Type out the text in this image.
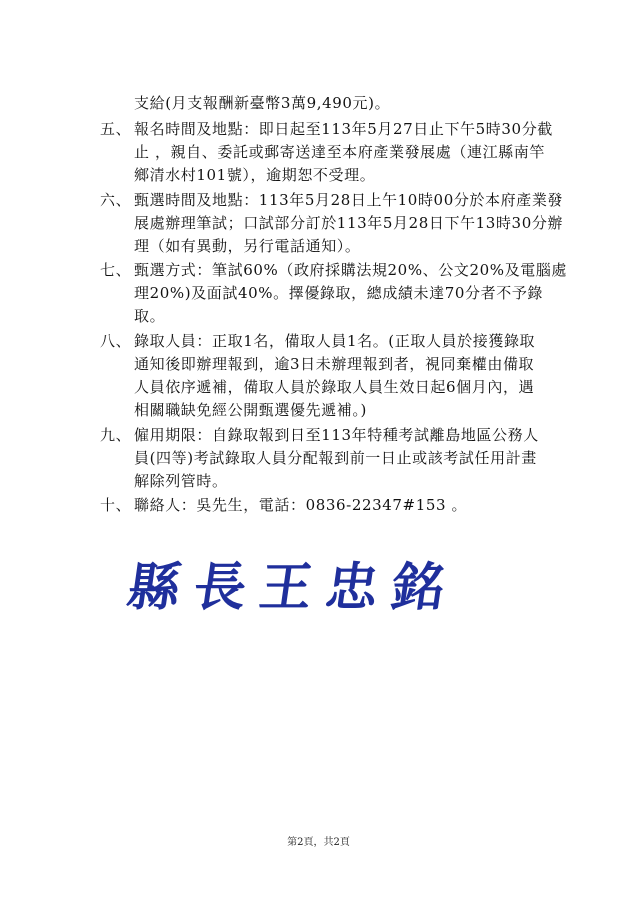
支給(月支報酬新臺幣3萬9,490元)。
五、 報名時間及地點：即日起至113年5月27日止下午5時30分截
止 ，親自、委託或郵寄送達至本府產業發展處（連江縣南竿
鄉清水村101號），逾期恕不受理。
六、 甄選時間及地點：113年5月28日上午10時00分於本府產業發
展處辦理筆試；口試部分訂於113年5月28日下午13時30分辦
理（如有異動，另行電話通知）。
七、 甄選方式：筆試60%（政府採購法規20%、公文20%及電腦處
理20%)及面試40%。擇優錄取，總成績未達70分者不予錄
取。
八、 錄取人員：正取1名，備取人員1名。(正取人員於接獲錄取
通知後即辦理報到，逾3日未辦理報到者，視同棄權由備取
人員依序遞補，備取人員於錄取人員生效日起6個月內，遇
相關職缺免經公開甄選優先遞補。)
九、 僱用期限：自錄取報到日至113年特種考試離島地區公務人
員(四等)考試錄取人員分配報到前一日止或該考試任用計畫
解除列管時。
十、 聯絡人：吳先生，電話：0836-22347#153 。
縣長王忠銘
第2頁，共2頁
